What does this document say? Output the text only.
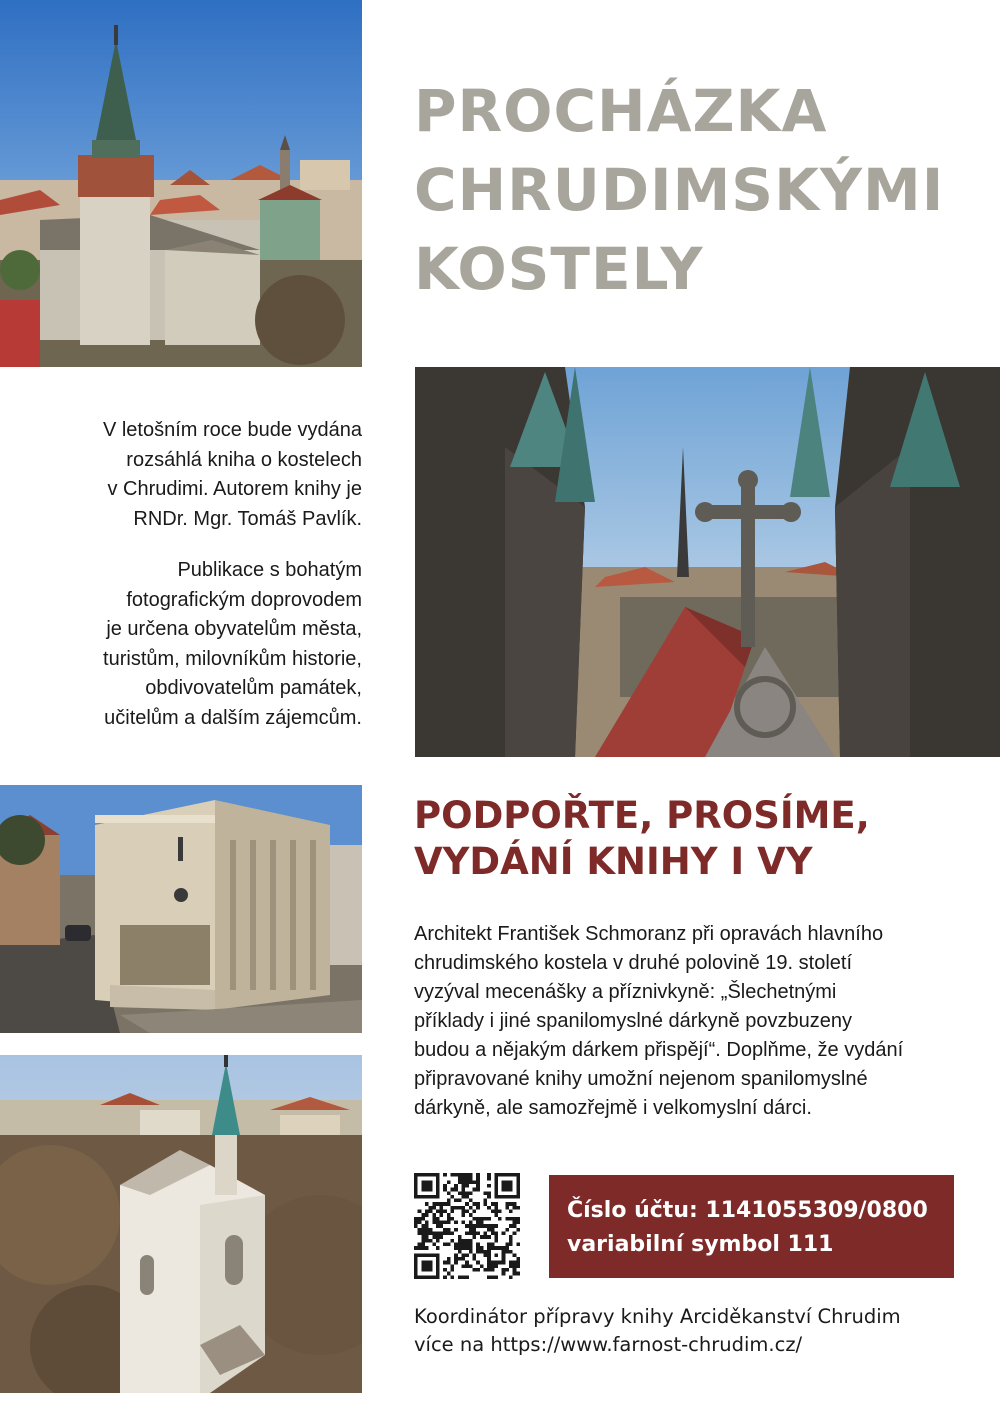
PROCHÁZKA
CHRUDIMSKÝMI
KOSTELY
V letošním roce bude vydána
rozsáhlá kniha o kostelech
v Chrudimi. Autorem knihy je
RNDr. Mgr. Tomáš Pavlík.
Publikace s bohatým
fotografickým doprovodem
je určena obyvatelům města,
turistům, milovníkům historie,
obdivovatelům památek,
učitelům a dalším zájemcům.
PODPOŘTE, PROSÍME,
VYDÁNÍ KNIHY I VY
Architekt František Schmoranz při opravách hlavního
chrudimského kostela v druhé polovině 19. století
vyzýval mecenášky a příznivkyně: „Šlechetnými
příklady i jiné spanilomyslné dárkyně povzbuzeny
budou a nějakým dárkem přispějí“. Doplňme, že vydání
připravované knihy umožní nejenom spanilomyslné
dárkyně, ale samozřejmě i velkomyslní dárci.
Číslo účtu: 1141055309/0800
variabilní symbol 111
Koordinátor přípravy knihy Arciděkanství Chrudim
více na https://www.farnost-chrudim.cz/
